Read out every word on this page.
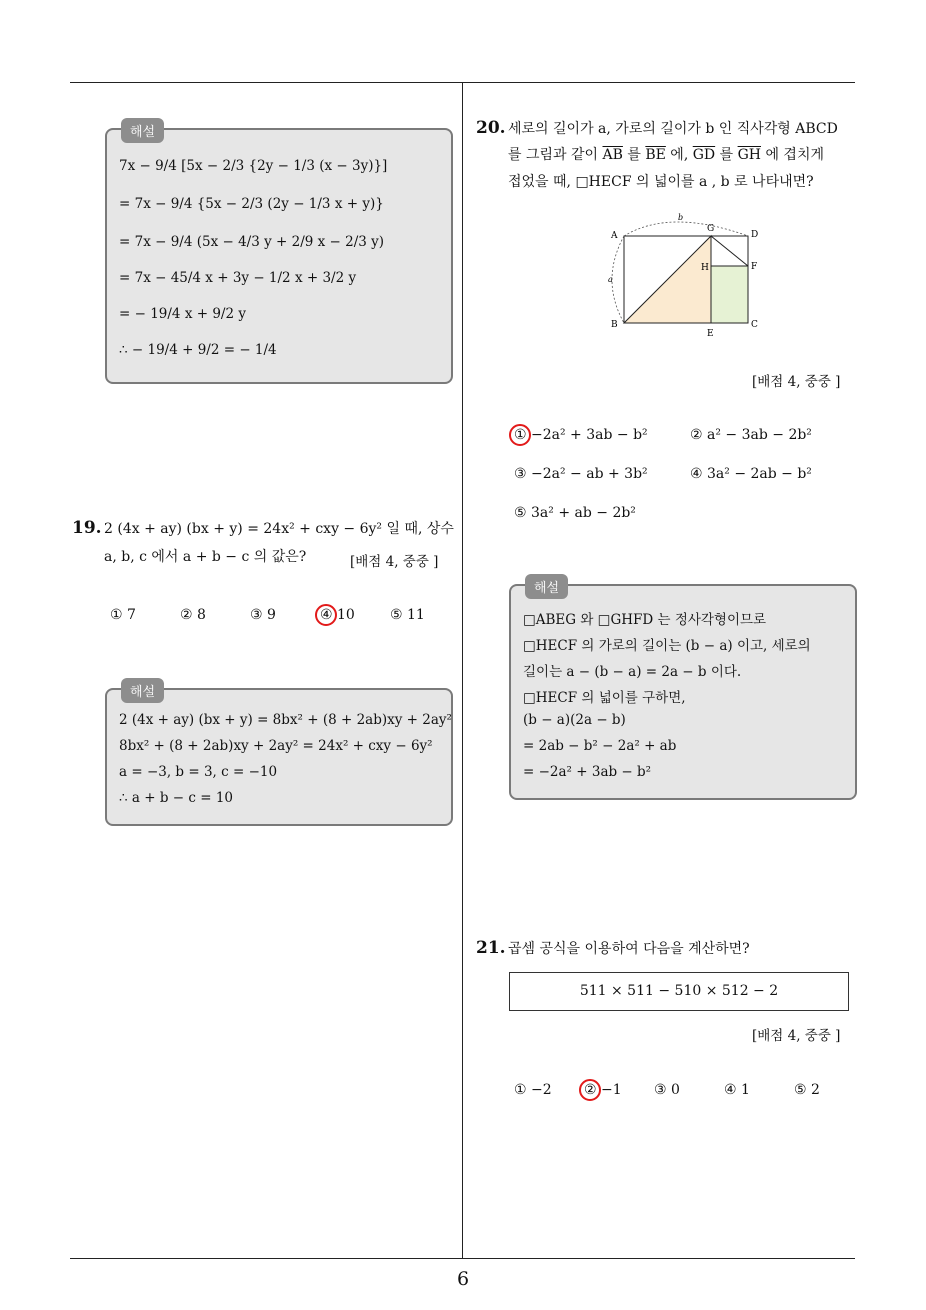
6
해설
7x − 9/4 [5x − 2/3 {2y − 1/3 (x − 3y)}]
= 7x − 9/4 {5x − 2/3 (2y − 1/3 x + y)}
= 7x − 9/4 (5x − 4/3 y + 2/9 x − 2/3 y)
= 7x − 45/4 x + 3y − 1/2 x + 3/2 y
= − 19/4 x + 9/2 y
∴ − 19/4 + 9/2 = − 1/4
19. 2 (4x + ay) (bx + y) = 24x² + cxy − 6y² 일 때, 상수
a, b, c 에서 a + b − c 의 값은?	[배점 4, 중중 ]
① 7	② 8	③ 9	④ 10	⑤ 11
해설
2 (4x + ay) (bx + y) = 8bx² + (8 + 2ab)xy + 2ay²
8bx² + (8 + 2ab)xy + 2ay² = 24x² + cxy − 6y²
a = −3, b = 3, c = −10
∴ a + b − c = 10
20. 세로의 길이가 a, 가로의 길이가 b 인 직사각형 ABCD
를 그림과 같이 $\overline{AB}$ 를 $\overline{BE}$ 에, $\overline{GD}$ 를 $\overline{GH}$ 에 겹치게
접었을 때, □HECF 의 넓이를 a , b 로 나타내면?
A
B	C
D
E
F
G
H
a
b
[배점 4, 중중 ]
① −2a² + 3ab − b²	② a² − 3ab − 2b²
③ −2a² − ab + 3b²	④ 3a² − 2ab − b²
⑤ 3a² + ab − 2b²
해설
□ABEG 와 □GHFD 는 정사각형이므로
□HECF 의 가로의 길이는 (b − a) 이고, 세로의
길이는 a − (b − a) = 2a − b 이다.
□HECF 의 넓이를 구하면,
(b − a)(2a − b)
= 2ab − b² − 2a² + ab
= −2a² + 3ab − b²
21. 곱셈 공식을 이용하여 다음을 계산하면?
511 × 511 − 510 × 512 − 2
[배점 4, 중중 ]
① −2 ② −1 ③ 0	④ 1	⑤ 2
